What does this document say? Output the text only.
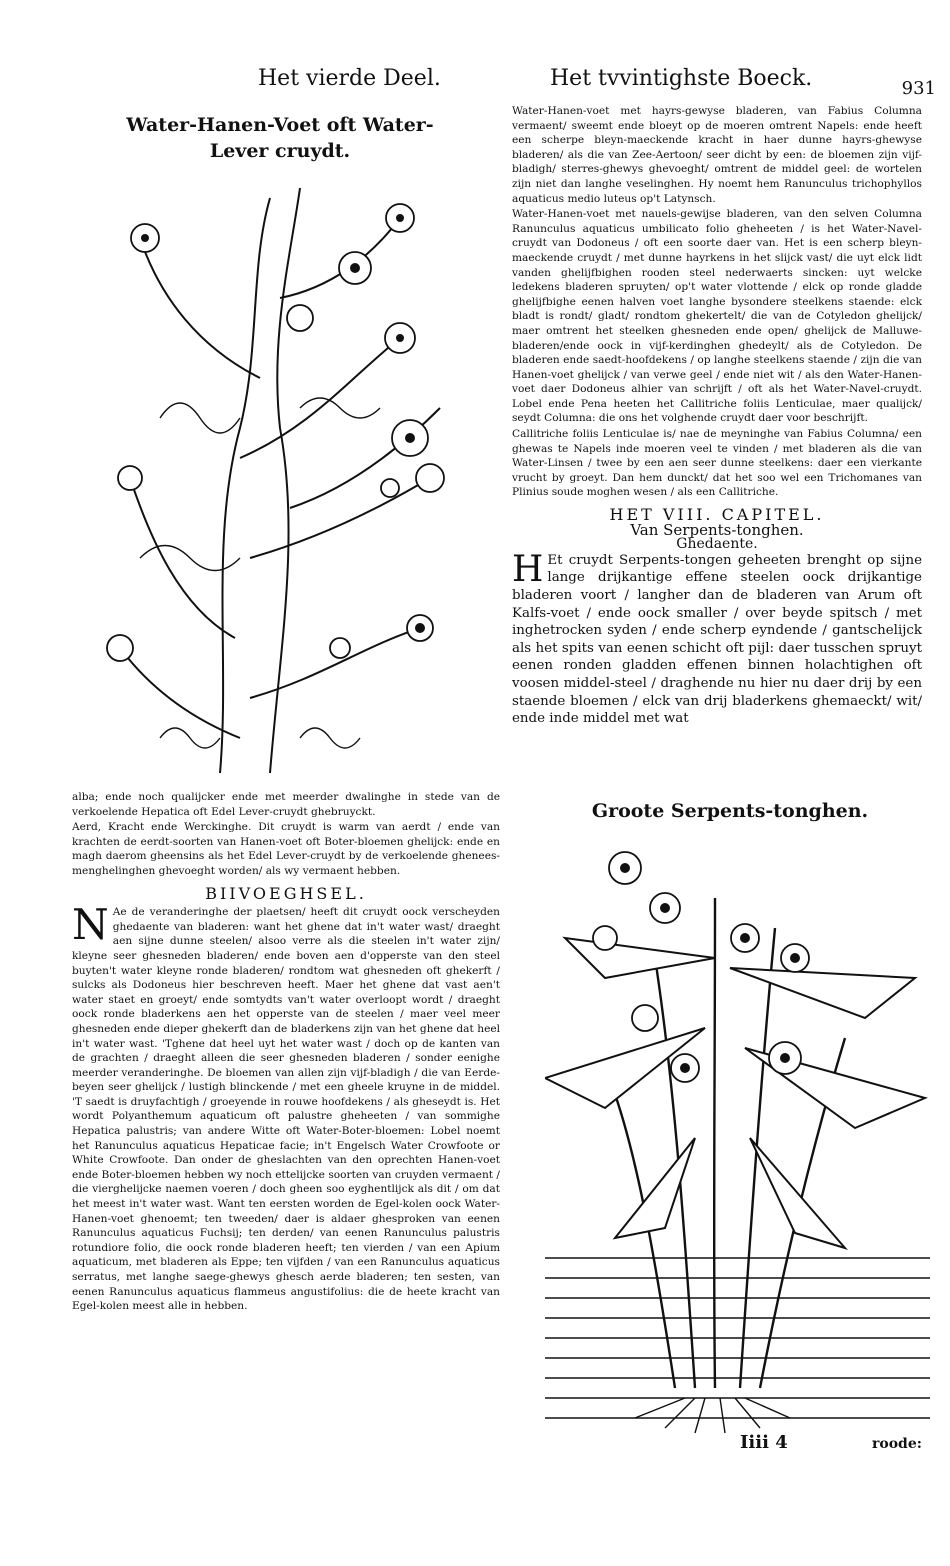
Het vierde Deel.	Het tvvintighste Boeck.	931
Water-Hanen-Voet oft Water-
Lever cruydt.

alba; ende noch qualijcker ende met meerder dwalinghe in stede van de verkoelende Hepatica oft Edel Lever-cruydt ghebruyckt.

Aerd, Kracht ende Werckinghe. Dit cruydt is warm van aerdt / ende van krachten de eerdt-soorten van Hanen-voet oft Boter-bloemen ghelijck: ende en magh daerom gheensins als het Edel Lever-cruydt by de verkoelende ghenees-menghelinghen ghevoeght worden/ als wy vermaent hebben.

BIIVOEGHSEL.

N Ae de veranderinghe der plaetsen/ heeft dit cruydt oock verscheyden ghedaente van bladeren: want het ghene dat in't water wast/ draeght aen sijne dunne steelen/ alsoo verre als die steelen in't water zijn/ kleyne seer ghesneden bladeren/ ende boven aen d'opperste van den steel buyten't water kleyne ronde bladeren/ rondtom wat ghesneden oft ghekerft / sulcks als Dodoneus hier beschreven heeft. Maer het ghene dat vast aen't water staet en groeyt/ ende somtydts van't water overloopt wordt / draeght oock ronde bladerkens aen het opperste van de steelen / maer veel meer ghesneden ende dieper ghekerft dan de bladerkens zijn van het ghene dat heel in't water wast. 'Tghene dat heel uyt het water wast / doch op de kanten van de grachten / draeght alleen die seer ghesneden bladeren / sonder eenighe meerder veranderinghe. De bloemen van allen zijn vijf-bladigh / die van Eerde-beyen seer ghelijck / lustigh blinckende / met een gheele kruyne in de middel. 'T saedt is druyfachtigh / groeyende in rouwe hoofdekens / als gheseydt is. Het wordt Polyanthemum aquaticum oft palustre gheheeten / van sommighe Hepatica palustris; van andere Witte oft Water-Boter-bloemen: Lobel noemt het Ranunculus aquaticus Hepaticae facie; in't Engelsch Water Crowfoote or White Crowfoote. Dan onder de gheslachten van den oprechten Hanen-voet ende Boter-bloemen hebben wy noch ettelijcke soorten van cruyden vermaent / die vierghelijcke naemen voeren / doch gheen soo eyghentlijck als dit / om dat het meest in't water wast. Want ten eersten worden de Egel-kolen oock Water-Hanen-voet ghenoemt; ten tweeden/ daer is aldaer ghesproken van eenen Ranunculus aquaticus Fuchsij; ten derden/ van eenen Ranunculus palustris rotundiore folio, die oock ronde bladeren heeft; ten vierden / van een Apium aquaticum, met bladeren als Eppe; ten vijfden / van een Ranunculus aquaticus serratus, met langhe saege-ghewys ghesch aerde bladeren; ten sesten, van eenen Ranunculus aquaticus flammeus angustifolius: die de heete kracht van Egel-kolen meest alle in hebben.

Water-Hanen-voet met hayrs-gewyse bladeren, van Fabius Columna vermaent/ sweemt ende bloeyt op de moeren omtrent Napels: ende heeft een scherpe bleyn-maeckende kracht in haer dunne hayrs-ghewyse bladeren/ als die van Zee-Aertoon/ seer dicht by een: de bloemen zijn vijf-bladigh/ sterres-ghewys ghevoeght/ omtrent de middel geel: de wortelen zijn niet dan langhe veselinghen. Hy noemt hem Ranunculus trichophyllos aquaticus medio luteus op't Latynsch.

Water-Hanen-voet met nauels-gewijse bladeren, van den selven Columna Ranunculus aquaticus umbilicato folio gheheeten / is het Water-Navel-cruydt van Dodoneus / oft een soorte daer van. Het is een scherp bleyn-maeckende cruydt / met dunne hayrkens in het slijck vast/ die uyt elck lidt vanden ghelijfbighen rooden steel nederwaerts sincken: uyt welcke ledekens bladeren spruyten/ op't water vlottende / elck op ronde gladde ghelijfbighe eenen halven voet langhe bysondere steelkens staende: elck bladt is rondt/ gladt/ rondtom ghekertelt/ die van de Cotyledon ghelijck/ maer omtrent het steelken ghesneden ende open/ ghelijck de Malluwe-bladeren/ende oock in vijf-kerdinghen ghedeylt/ als de Cotyledon. De bladeren ende saedt-hoofdekens / op langhe steelkens staende / zijn die van Hanen-voet ghelijck / van verwe geel / ende niet wit / als den Water-Hanen-voet daer Dodoneus alhier van schrijft / oft als het Water-Navel-cruydt. Lobel ende Pena heeten het Callitriche foliis Lenticulae, maer qualijck/ seydt Columna: die ons het volghende cruydt daer voor beschrijft.

Callitriche foliis Lenticulae is/ nae de meyninghe van Fabius Columna/ een ghewas te Napels inde moeren veel te vinden / met bladeren als die van Water-Linsen / twee by een aen seer dunne steelkens: daer een vierkante vrucht by groeyt. Dan hem dunckt/ dat het soo wel een Trichomanes van Plinius soude moghen wesen / als een Callitriche.

HET VIII. CAPITEL.
Van Serpents-tonghen.
Ghedaente.

H Et cruydt Serpents-tongen geheeten brenght op sijne lange drijkantige effene steelen oock drijkantige bladeren voort / langher dan de bladeren van Arum oft Kalfs-voet / ende oock smaller / over beyde spitsch / met inghetrocken syden / ende scherp eyndende / gantschelijck als het spits van eenen schicht oft pijl: daer tusschen spruyt eenen ronden gladden effenen binnen holachtighen oft voosen middel-steel / draghende nu hier nu daer drij by een staende bloemen / elck van drij bladerkens ghemaeckt/ wit/ ende inde middel met wat

Groote Serpents-tonghen.
Iiii 4	roode:
